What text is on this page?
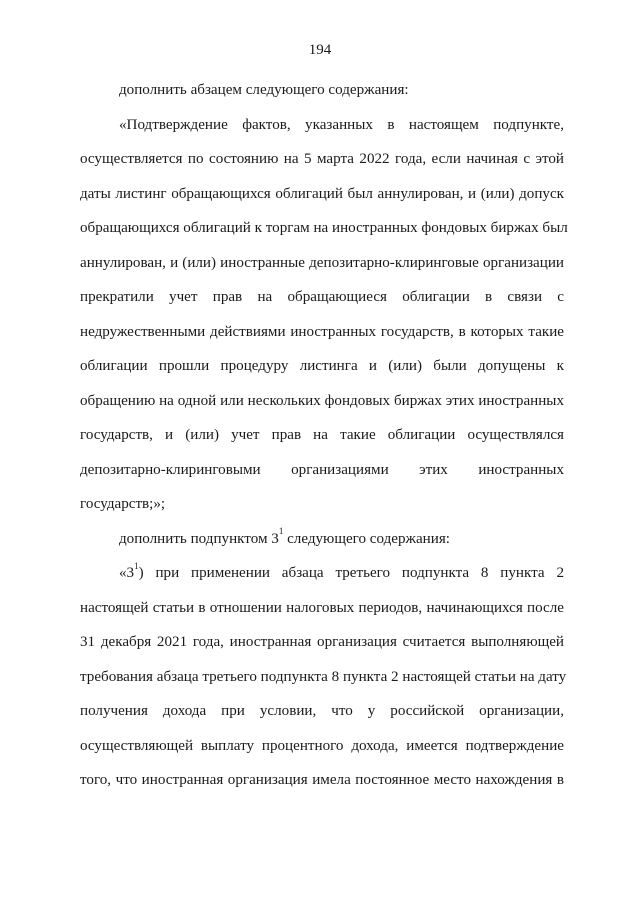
194
дополнить абзацем следующего содержания:
«Подтверждение фактов, указанных в настоящем подпункте,
осуществляется по состоянию на 5 марта 2022 года, если начиная с этой
даты листинг обращающихся облигаций был аннулирован, и (или) допуск
обращающихся облигаций к торгам на иностранных фондовых биржах был
аннулирован, и (или) иностранные депозитарно-клиринговые организации
прекратили учет прав на обращающиеся облигации в связи с
недружественными действиями иностранных государств, в которых такие
облигации прошли процедуру листинга и (или) были допущены к
обращению на одной или нескольких фондовых биржах этих иностранных
государств, и (или) учет прав на такие облигации осуществлялся
депозитарно-клиринговыми организациями этих иностранных
государств;»;
дополнить подпунктом $3^1$ следующего содержания:
«$3^1$) при применении абзаца третьего подпункта 8 пункта 2
настоящей статьи в отношении налоговых периодов, начинающихся после
31 декабря 2021 года, иностранная организация считается выполняющей
требования абзаца третьего подпункта 8 пункта 2 настоящей статьи на дату
получения дохода при условии, что у российской организации,
осуществляющей выплату процентного дохода, имеется подтверждение
того, что иностранная организация имела постоянное место нахождения в
